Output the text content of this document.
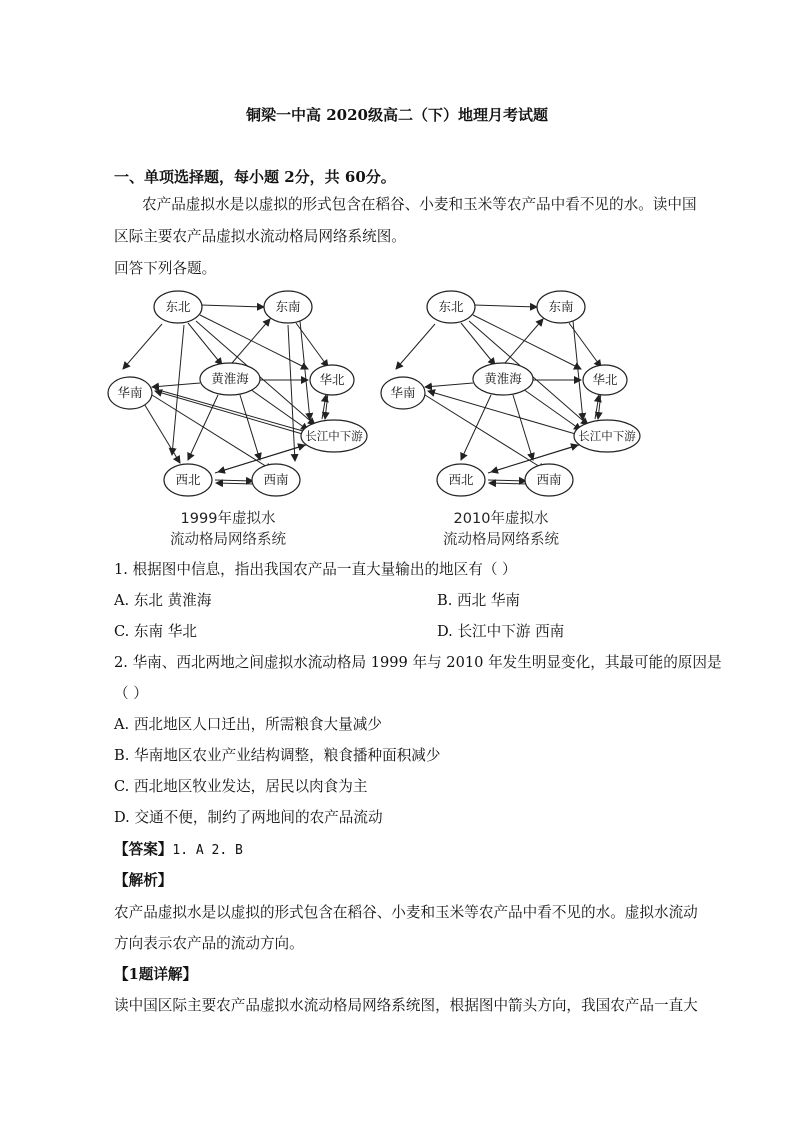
铜梁一中高 2020级高二（下）地理月考试题
一、单项选择题，每小题 2分，共 60分。
农产品虚拟水是以虚拟的形式包含在稻谷、小麦和玉米等农产品中看不见的水。读中国
区际主要农产品虚拟水流动格局网络系统图。
回答下列各题。
东北	东南
黄淮海	华北
华南
长江中下游
西北	西南
1999年虚拟水
流动格局网络系统
东北	东南
黄淮海	华北
华南
长江中下游
西北	西南
2010年虚拟水
流动格局网络系统
1. 根据图中信息，指出我国农产品一直大量输出的地区有（ ）
A. 东北 黄淮海	B. 西北 华南
C. 东南 华北	D. 长江中下游 西南
2. 华南、西北两地之间虚拟水流动格局 1999 年与 2010 年发生明显变化，其最可能的原因是
（ ）
A. 西北地区人口迁出，所需粮食大量减少
B. 华南地区农业产业结构调整，粮食播种面积减少
C. 西北地区牧业发达，居民以肉食为主
D. 交通不便，制约了两地间的农产品流动
【答案】1. A 2. B
【解析】
农产品虚拟水是以虚拟的形式包含在稻谷、小麦和玉米等农产品中看不见的水。虚拟水流动
方向表示农产品的流动方向。
【1题详解】
读中国区际主要农产品虚拟水流动格局网络系统图，根据图中箭头方向，我国农产品一直大
